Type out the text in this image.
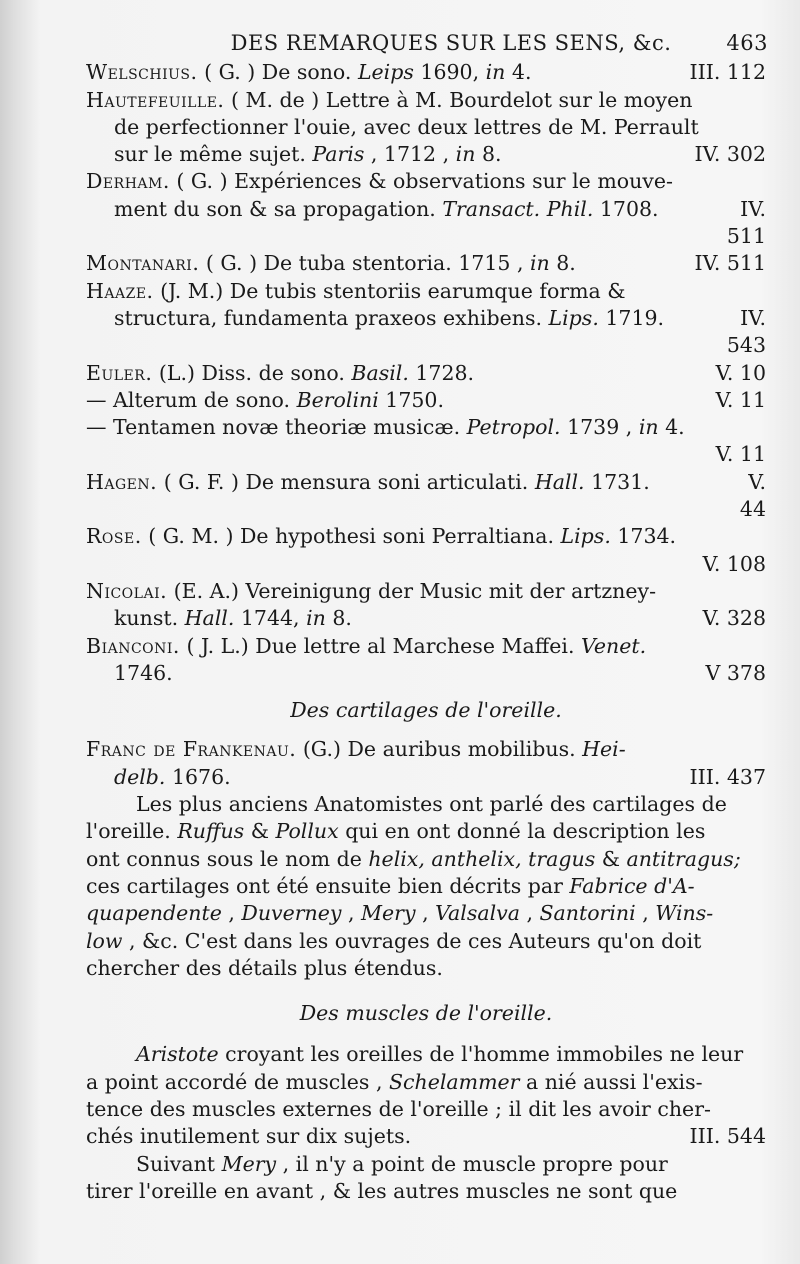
DES REMARQUES SUR LES SENS, &c.	463
Welschius. ( G. ) De sono. Leips 1690, in 4.	III. 112
Hautefeuille. ( M. de ) Lettre à M. Bourdelot sur le moyen
de perfectionner l'ouie, avec deux lettres de M. Perrault
sur le même sujet. Paris , 1712 , in 8.	IV. 302
Derham. ( G. ) Expériences & observations sur le mouve-
ment du son & sa propagation. Transact. Phil. 1708.	IV.
511
Montanari. ( G. ) De tuba stentoria. 1715 , in 8.	IV. 511
Haaze. (J. M.) De tubis stentoriis earumque forma &
structura, fundamenta praxeos exhibens. Lips. 1719.	IV.
543
Euler. (L.) Diss. de sono. Basil. 1728.	V. 10
— Alterum de sono. Berolini 1750.	V. 11
— Tentamen novæ theoriæ musicæ. Petropol. 1739 , in 4.
V. 11
Hagen. ( G. F. ) De mensura soni articulati. Hall. 1731.	V.
44
Rose. ( G. M. ) De hypothesi soni Perraltiana. Lips. 1734.
V. 108
Nicolai. (E. A.) Vereinigung der Music mit der artzney-
kunst. Hall. 1744, in 8.	V. 328
Bianconi. ( J. L.) Due lettre al Marchese Maffei. Venet.
1746.	V 378
Des cartilages de l'oreille.
Franc de Frankenau. (G.) De auribus mobilibus. Hei-
delb. 1676.	III. 437
Les plus anciens Anatomistes ont parlé des cartilages de
l'oreille. Ruffus & Pollux qui en ont donné la description les
ont connus sous le nom de helix, anthelix, tragus & antitragus;
ces cartilages ont été ensuite bien décrits par Fabrice d'A-
quapendente , Duverney , Mery , Valsalva , Santorini , Wins-
low , &c. C'est dans les ouvrages de ces Auteurs qu'on doit
chercher des détails plus étendus.
Des muscles de l'oreille.
Aristote croyant les oreilles de l'homme immobiles ne leur
a point accordé de muscles , Schelammer a nié aussi l'exis-
tence des muscles externes de l'oreille ; il dit les avoir cher-
chés inutilement sur dix sujets.	III. 544
Suivant Mery , il n'y a point de muscle propre pour
tirer l'oreille en avant , & les autres muscles ne sont que
